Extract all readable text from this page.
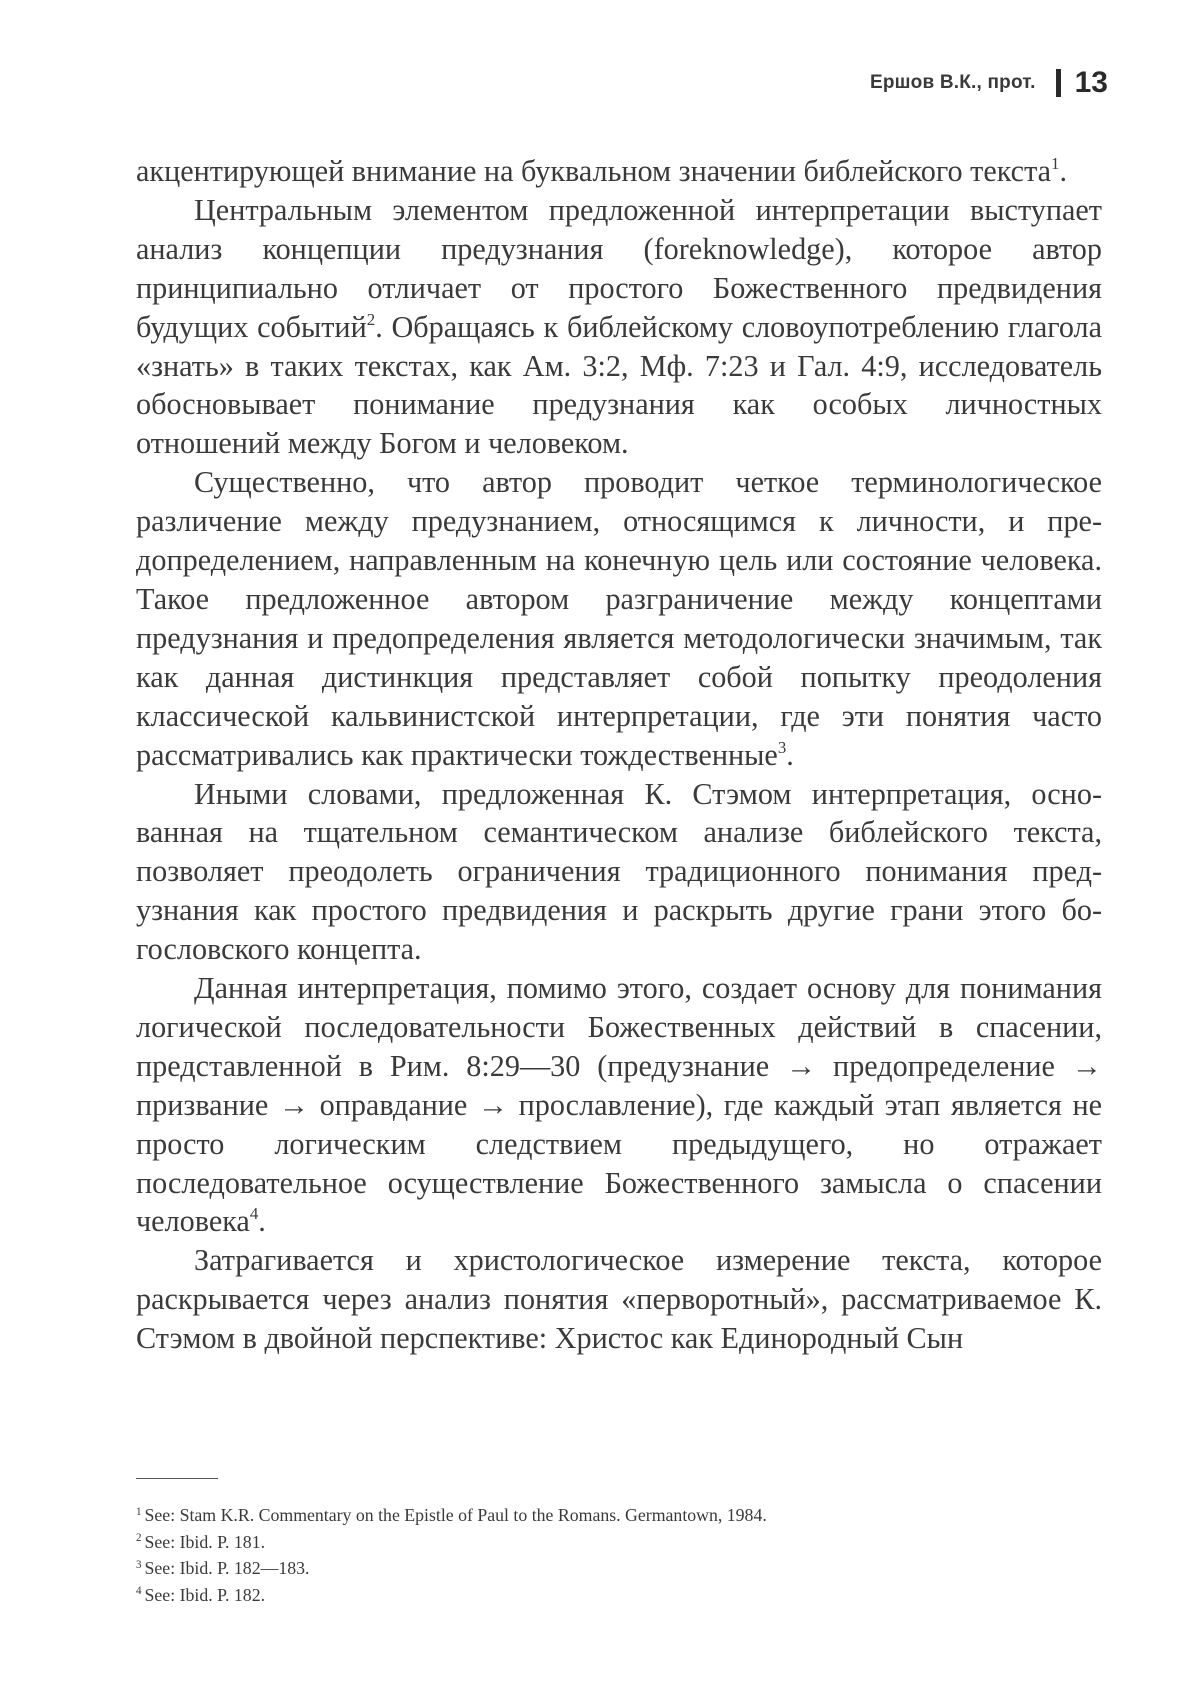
Ершов В.К., прот. 13

акцентирующей внимание на буквальном значении библейского текста$^1$.

Центральным элементом предложенной интерпретации выступает анализ концепции предузнания (foreknowledge), которое автор принципиально отличает от простого Божественного предвидения будущих событий$^2$. Обращаясь к библейскому словоупотреблению глагола «знать» в таких текстах, как Ам. 3:2, Мф. 7:23 и Гал. 4:9, исследователь обосновывает понимание предузнания как особых личностных отношений между Богом и человеком.

Существенно, что автор проводит четкое терминологическое различение между предузнанием, относящимся к личности, и предопределением, направленным на конечную цель или состояние человека. Такое предложенное автором разграничение между концептами предузнания и предопределения является методологически значимым, так как данная дистинкция представляет собой попытку преодоления классической кальвинистской интерпретации, где эти понятия часто рассматривались как практически тождественные$^3$.

Иными словами, предложенная К. Стэмом интерпретация, основанная на тщательном семантическом анализе библейского текста, позволяет преодолеть ограничения традиционного понимания предузнания как простого предвидения и раскрыть другие грани этого богословского концепта.

Данная интерпретация, помимо этого, создает основу для понимания логической последовательности Божественных действий в спасении, представленной в Рим. 8:29—30 (предузнание → предопределение → призвание → оправдание → прославление), где каждый этап является не просто логическим следствием предыдущего, но отражает последовательное осуществление Божественного замысла о спасении человека$^4$.

Затрагивается и христологическое измерение текста, которое раскрывается через анализ понятия «перворотный», рассматриваемое К. Стэмом в двойной перспективе: Христос как Единородный Сын

$^1$ See: Stam K.R. Commentary on the Epistle of Paul to the Romans. Germantown, 1984.
$^2$ See: Ibid. P. 181.
$^3$ See: Ibid. P. 182—183.
$^4$ See: Ibid. P. 182.
